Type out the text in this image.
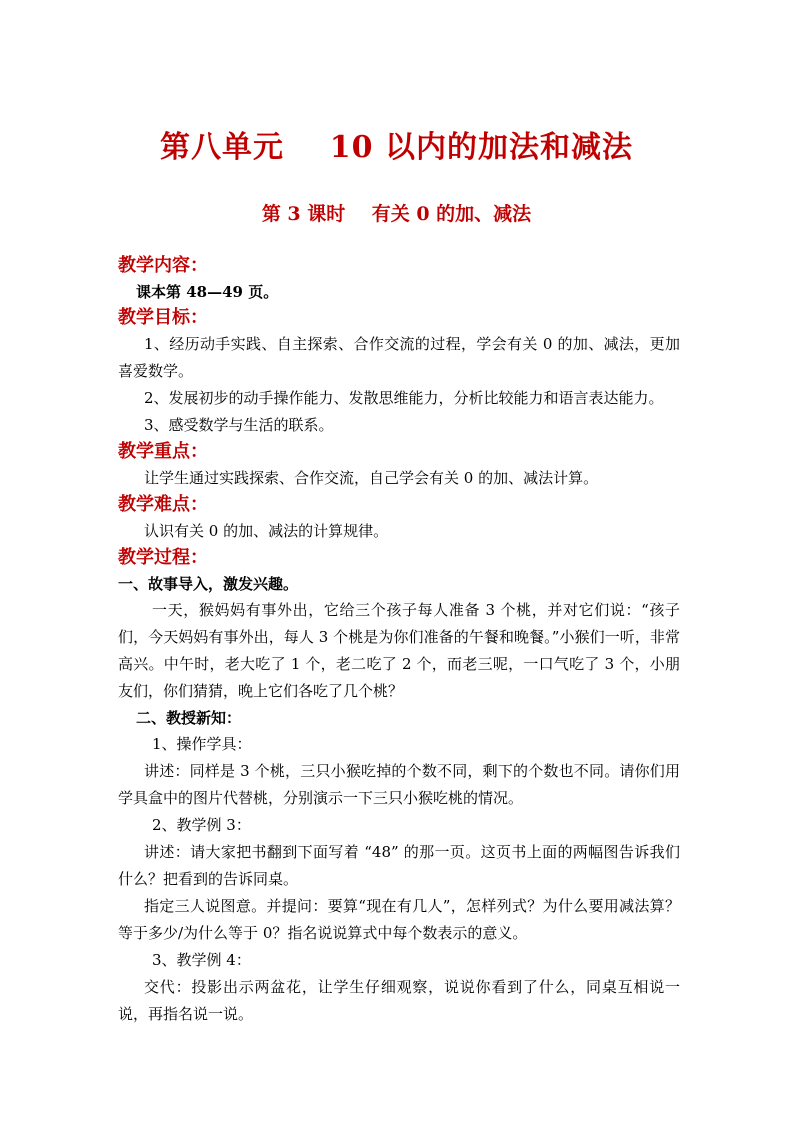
第八单元    10 以内的加法和减法
第 3 课时    有关 0 的加、减法
教学内容：
课本第 48—49 页。
教学目标：

1、经历动手实践、自主探索、合作交流的过程，学会有关 0 的加、减法，更加喜爱数学。

2、发展初步的动手操作能力、发散思维能力，分析比较能力和语言表达能力。

3、感受数学与生活的联系。

教学重点：

让学生通过实践探索、合作交流，自己学会有关 0 的加、减法计算。

教学难点：

认识有关 0 的加、减法的计算规律。

教学过程：
一、故事导入，激发兴趣。

一天，猴妈妈有事外出，它给三个孩子每人准备 3 个桃，并对它们说：“孩子们，今天妈妈有事外出，每人 3 个桃是为你们准备的午餐和晚餐。”小猴们一听，非常高兴。中午时，老大吃了 1 个，老二吃了 2 个，而老三呢，一口气吃了 3 个，小朋友们，你们猜猜，晚上它们各吃了几个桃？

二、教授新知：

1、操作学具：

讲述：同样是 3 个桃，三只小猴吃掉的个数不同，剩下的个数也不同。请你们用学具盒中的图片代替桃，分别演示一下三只小猴吃桃的情况。

2、教学例 3：

讲述：请大家把书翻到下面写着 “48” 的那一页。这页书上面的两幅图告诉我们什么？把看到的告诉同桌。

指定三人说图意。并提问：要算“现在有几人”，怎样列式？为什么要用减法算？等于多少/为什么等于 0？指名说说算式中每个数表示的意义。

3、教学例 4：

交代：投影出示两盆花，让学生仔细观察，说说你看到了什么，同桌互相说一说，再指名说一说。
